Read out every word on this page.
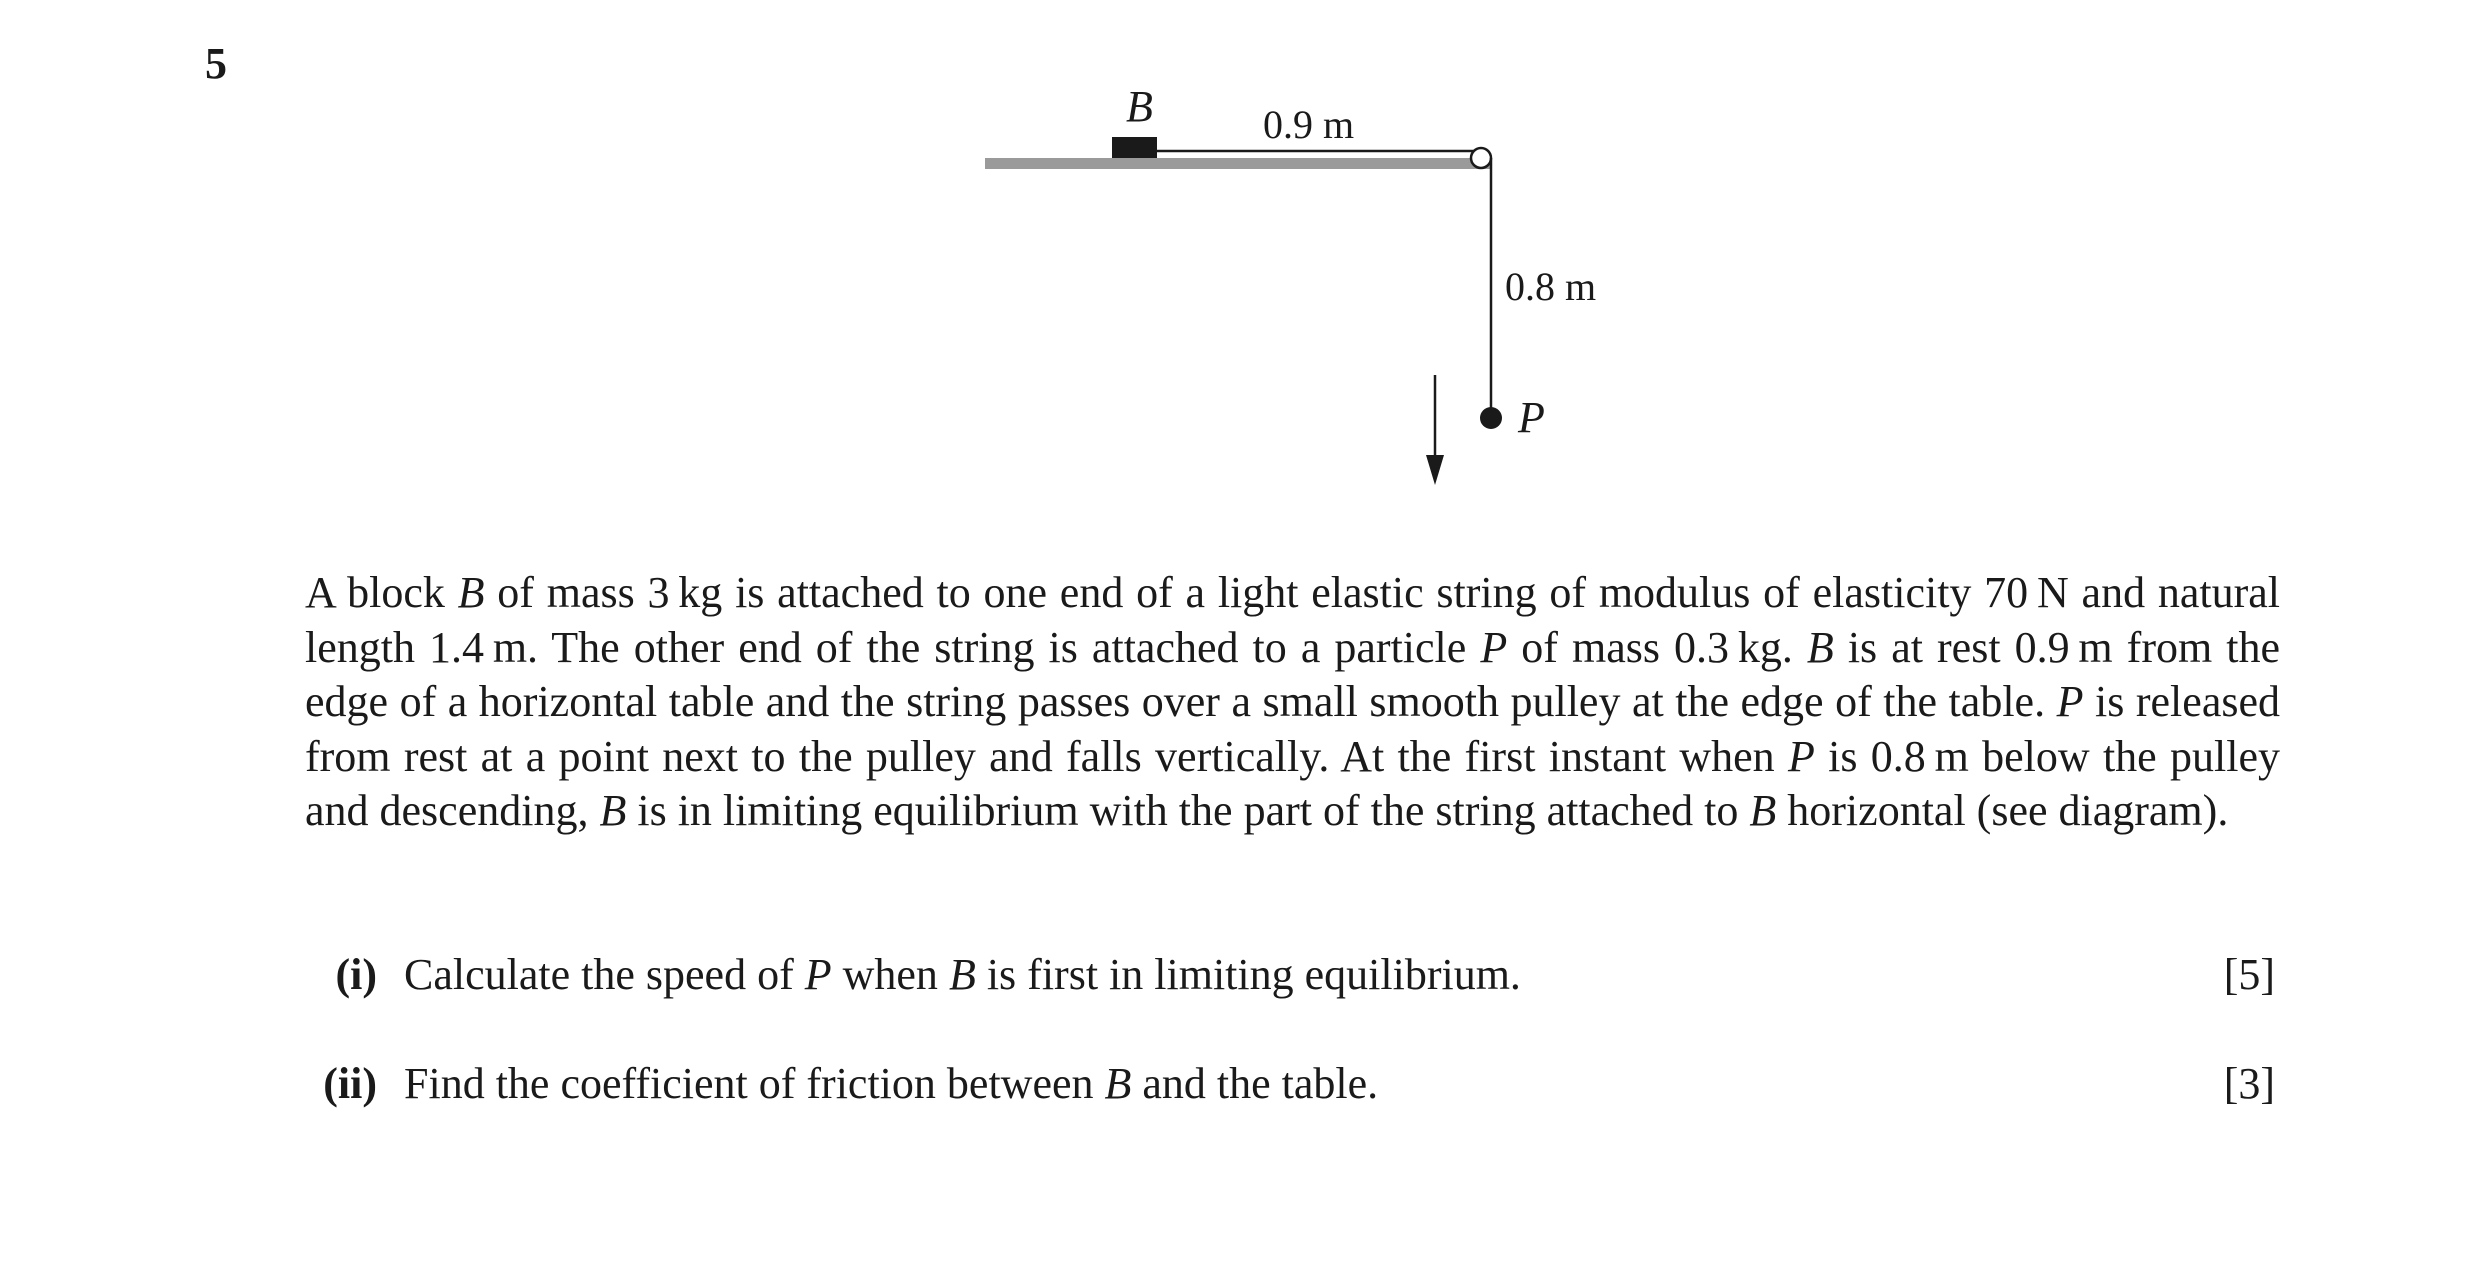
5
B	0.9 m
0.8 m
P
A block B of mass 3 kg is attached to one end of a light elastic string of modulus of elasticity 70 N and natural length 1.4 m. The other end of the string is attached to a particle P of mass 0.3 kg. B is at rest 0.9 m from the edge of a horizontal table and the string passes over a small smooth pulley at the edge of the table. P is released from rest at a point next to the pulley and falls vertically. At the first instant when P is 0.8 m below the pulley and descending, B is in limiting equilibrium with the part of the string attached to B horizontal (see diagram).
(i) Calculate the speed of P when B is first in limiting equilibrium.	[5]
(ii) Find the coefficient of friction between B and the table.	[3]
